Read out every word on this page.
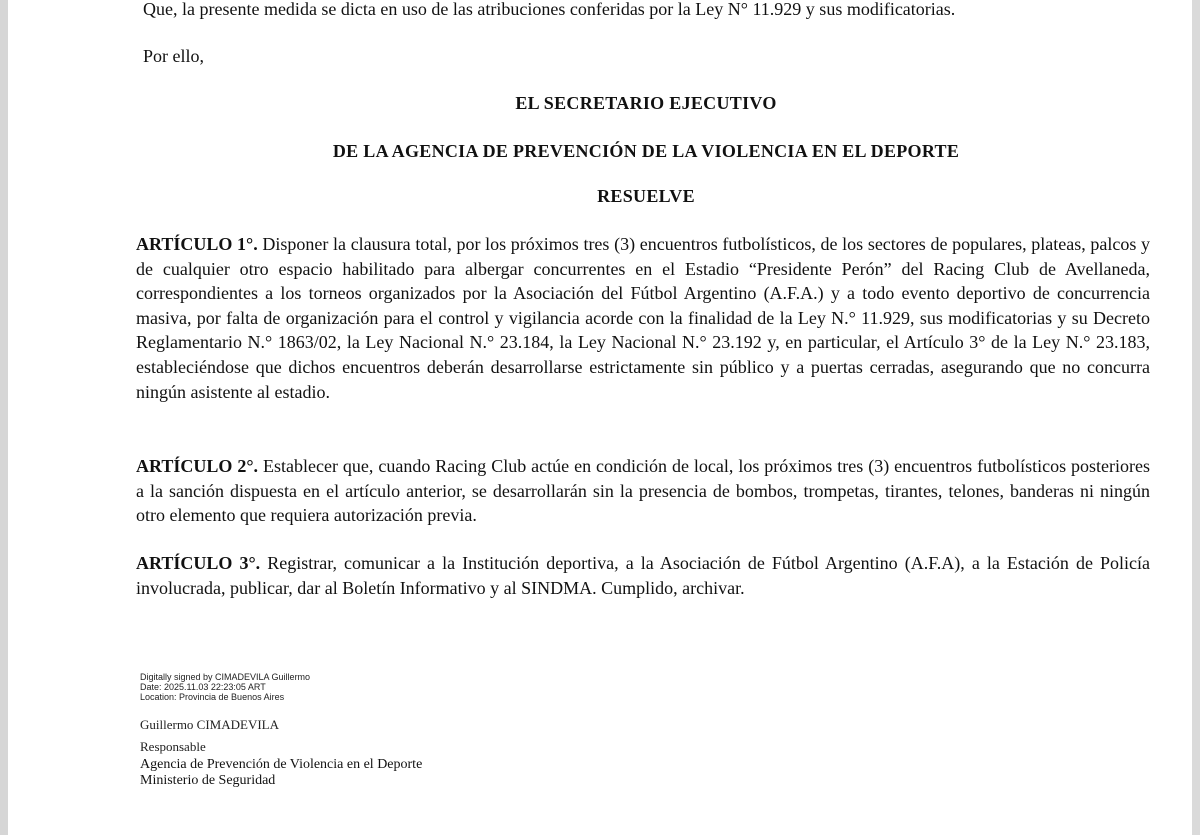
Que, la presente medida se dicta en uso de las atribuciones conferidas por la Ley N° 11.929 y sus modificatorias.
Por ello,
EL SECRETARIO EJECUTIVO
DE LA AGENCIA DE PREVENCIÓN DE LA VIOLENCIA EN EL DEPORTE
RESUELVE
ARTÍCULO 1°. Disponer la clausura total, por los próximos tres (3) encuentros futbolísticos, de los sectores de populares, plateas, palcos y de cualquier otro espacio habilitado para albergar concurrentes en el Estadio “Presidente Perón” del Racing Club de Avellaneda, correspondientes a los torneos organizados por la Asociación del Fútbol Argentino (A.F.A.) y a todo evento deportivo de concurrencia masiva, por falta de organización para el control y vigilancia acorde con la finalidad de la Ley N.° 11.929, sus modificatorias y su Decreto Reglamentario N.° 1863/02, la Ley Nacional N.° 23.184, la Ley Nacional N.° 23.192 y, en particular, el Artículo 3° de la Ley N.° 23.183, estableciéndose que dichos encuentros deberán desarrollarse estrictamente sin público y a puertas cerradas, asegurando que no concurra ningún asistente al estadio.
ARTÍCULO 2°. Establecer que, cuando Racing Club actúe en condición de local, los próximos tres (3) encuentros futbolísticos posteriores a la sanción dispuesta en el artículo anterior, se desarrollarán sin la presencia de bombos, trompetas, tirantes, telones, banderas ni ningún otro elemento que requiera autorización previa.
ARTÍCULO 3°. Registrar, comunicar a la Institución deportiva, a la Asociación de Fútbol Argentino (A.F.A), a la Estación de Policía involucrada, publicar, dar al Boletín Informativo y al SINDMA. Cumplido, archivar.
Digitally signed by CIMADEVILA Guillermo
Date: 2025.11.03 22:23:05 ART
Location: Provincia de Buenos Aires
Agencia de Prevención de Violencia en el Deporte
Ministerio de Seguridad
